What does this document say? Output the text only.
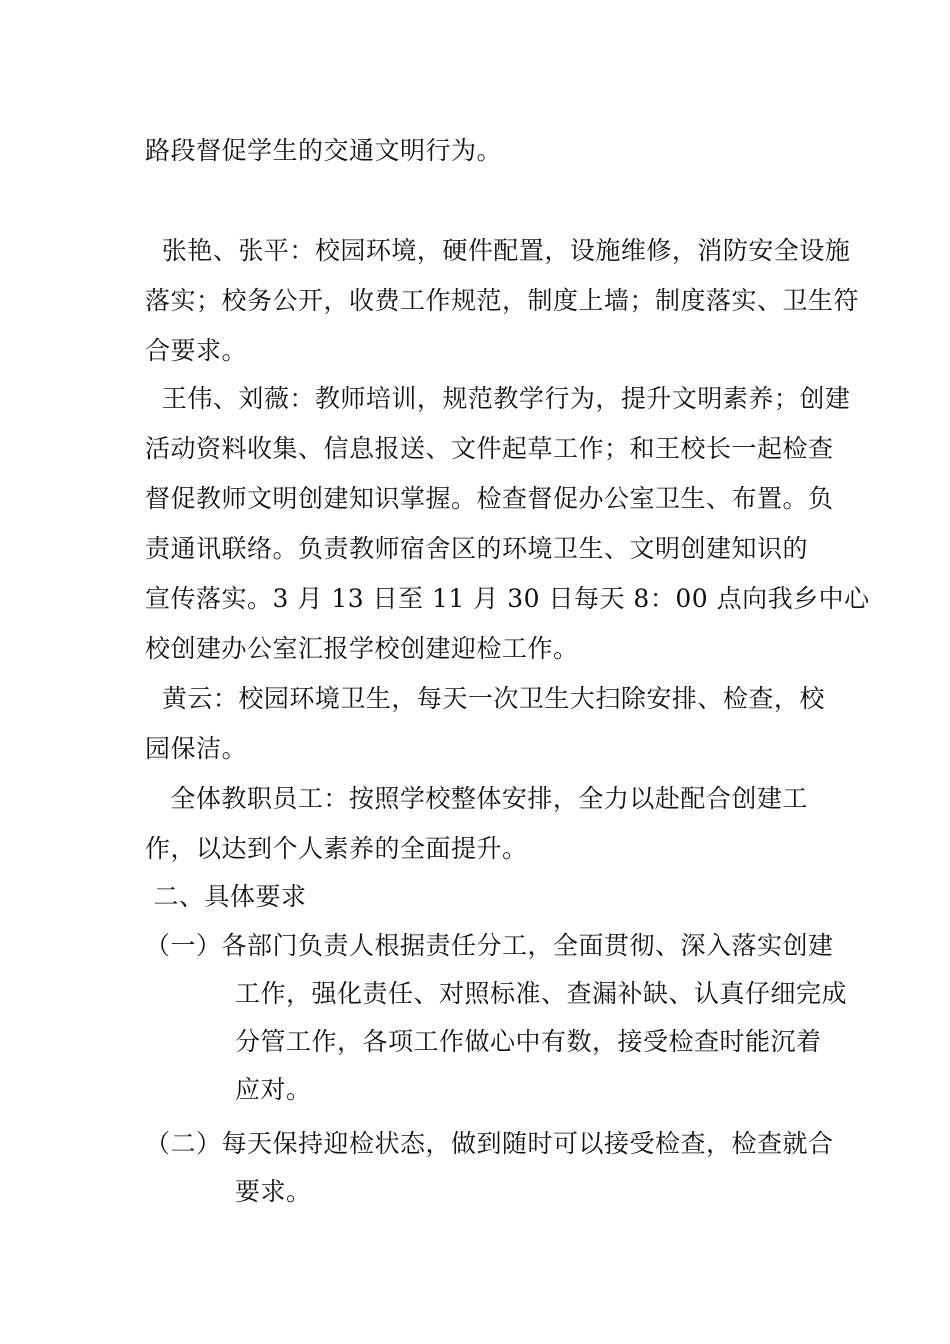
路段督促学生的交通文明行为。
张艳、张平：校园环境，硬件配置，设施维修，消防安全设施
落实；校务公开，收费工作规范，制度上墙；制度落实、卫生符
合要求。
王伟、刘薇：教师培训，规范教学行为，提升文明素养；创建
活动资料收集、信息报送、文件起草工作；和王校长一起检查
督促教师文明创建知识掌握。检查督促办公室卫生、布置。负
责通讯联络。负责教师宿舍区的环境卫生、文明创建知识的
宣传落实。3 月 13 日至 11 月 30 日每天 8：00 点向我乡中心
校创建办公室汇报学校创建迎检工作。
黄云：校园环境卫生，每天一次卫生大扫除安排、检查，校
园保洁。
全体教职员工：按照学校整体安排，全力以赴配合创建工
作，以达到个人素养的全面提升。
二、具体要求
（一）各部门负责人根据责任分工，全面贯彻、深入落实创建
工作，强化责任、对照标准、查漏补缺、认真仔细完成
分管工作，各项工作做心中有数，接受检查时能沉着
应对。
（二）每天保持迎检状态，做到随时可以接受检查，检查就合
要求。
